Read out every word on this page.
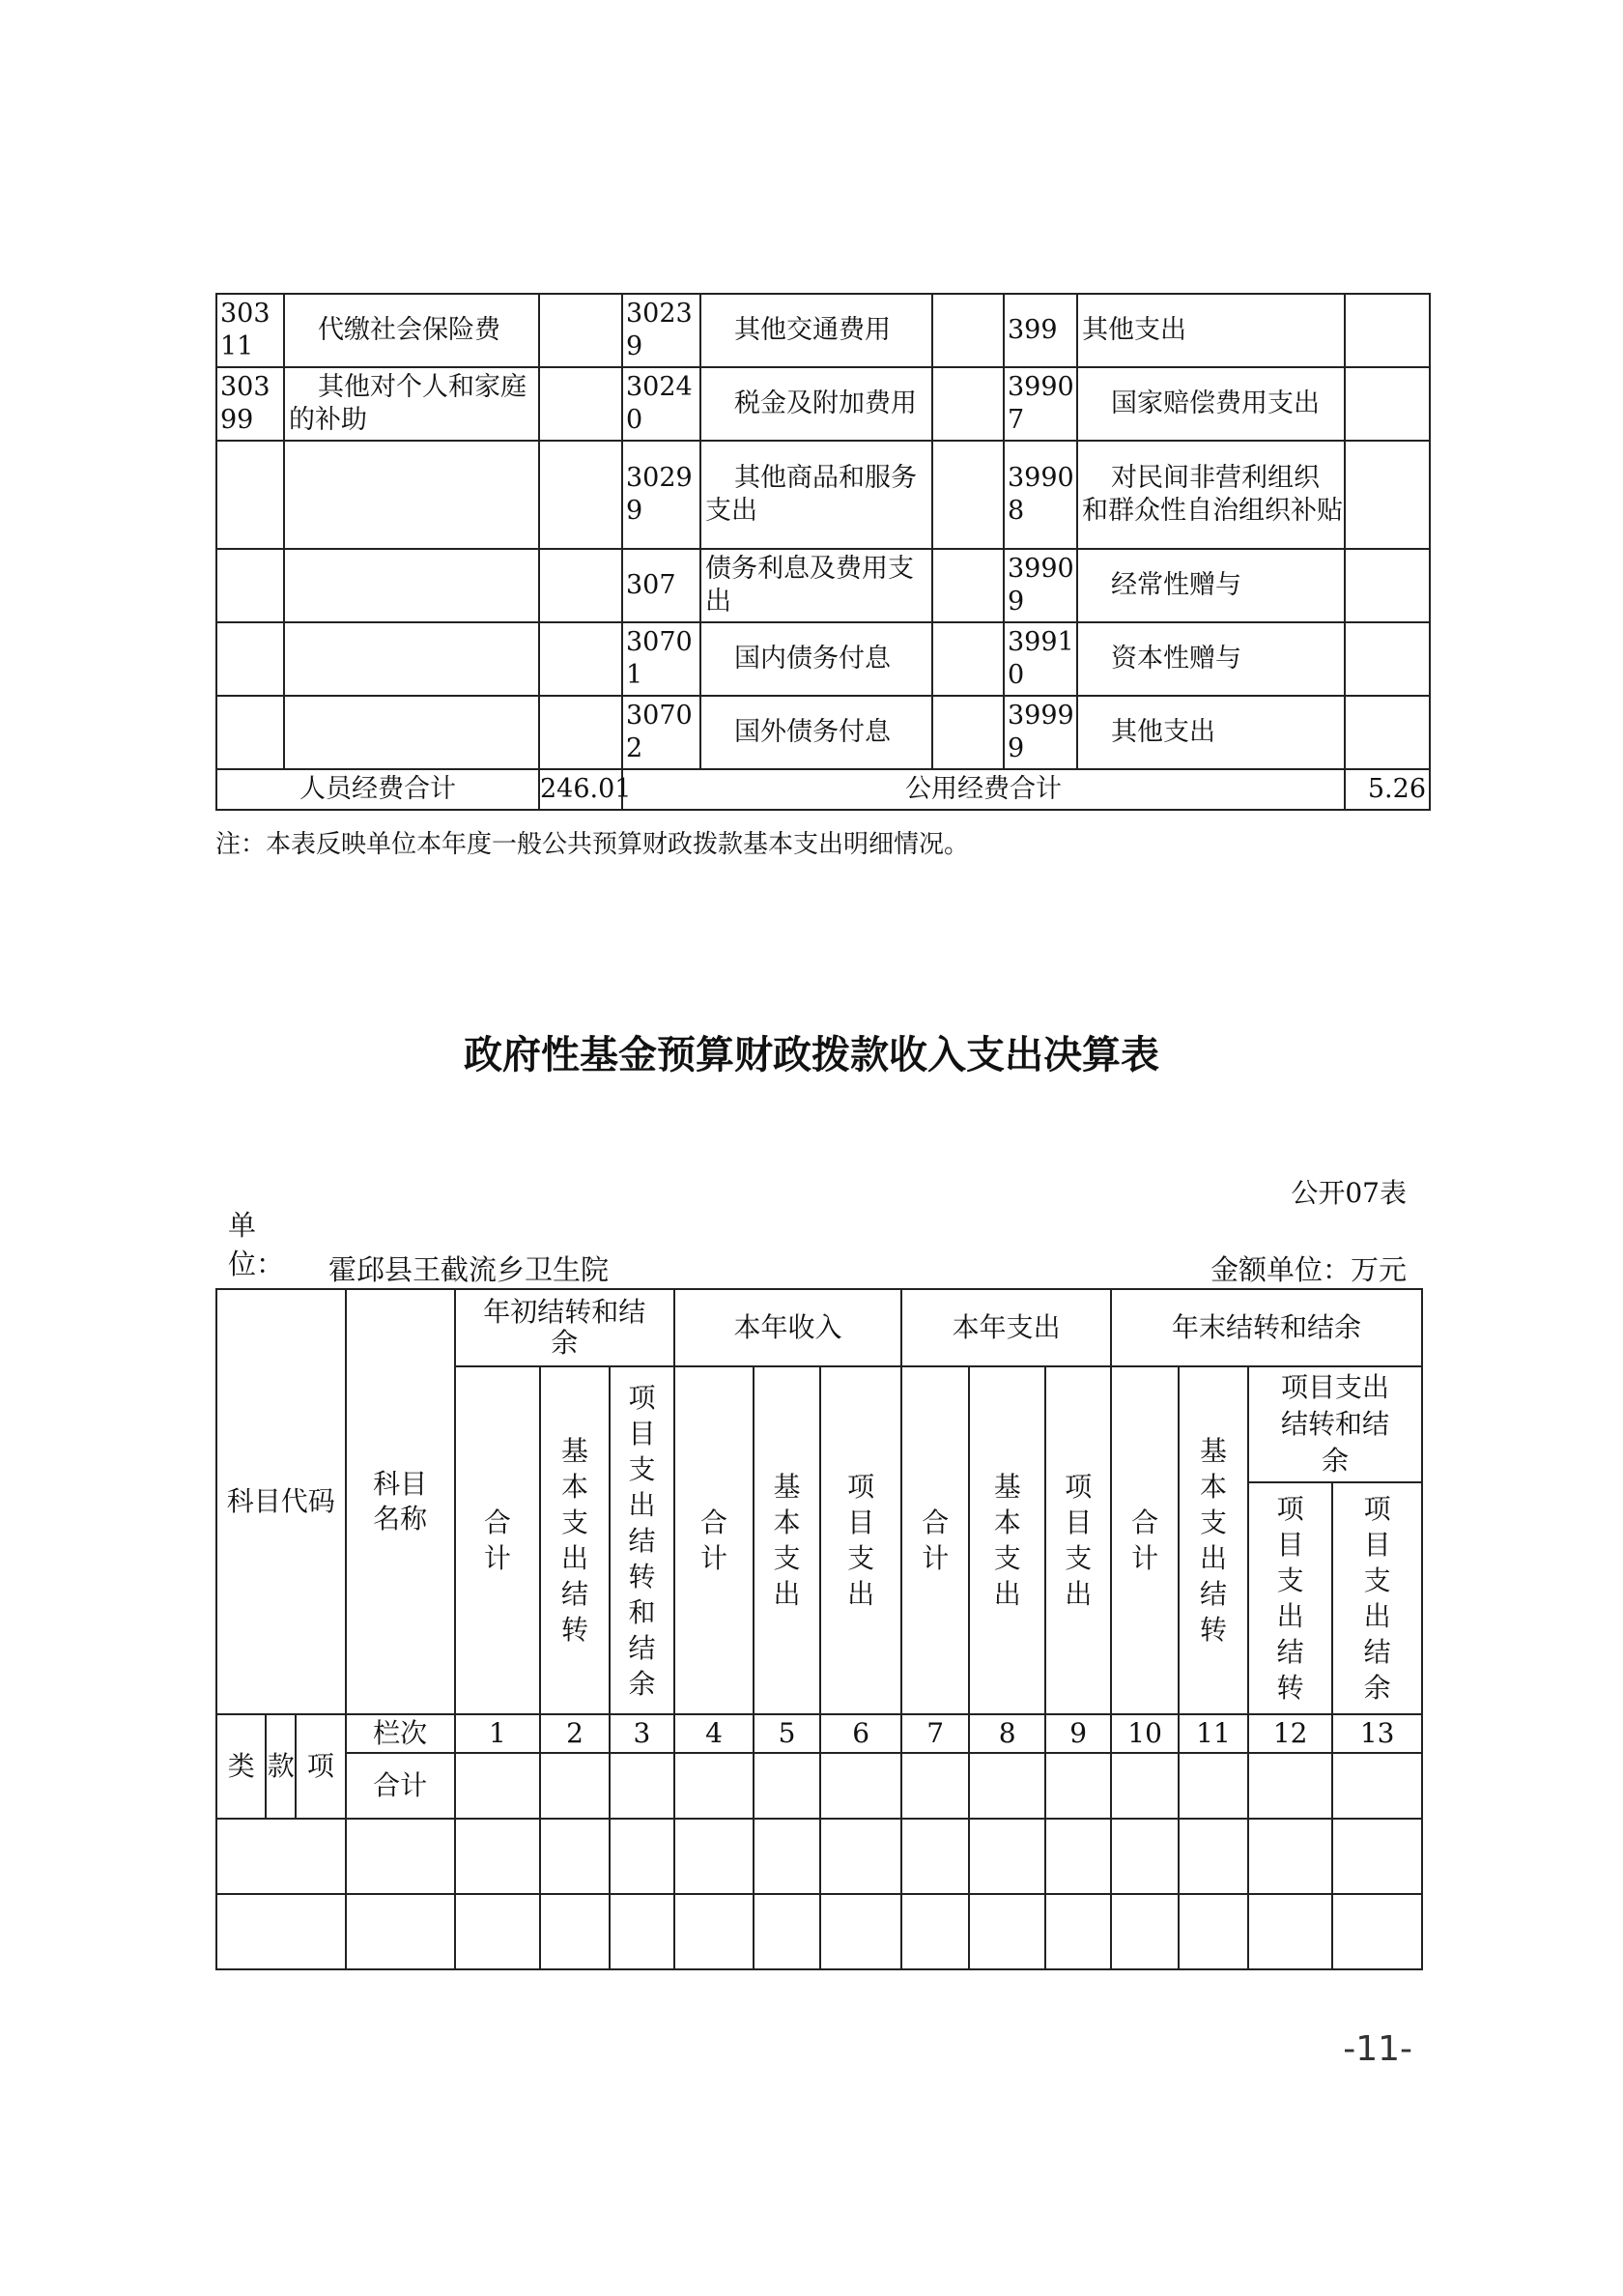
30311	代缴社会保险费		30239	其他交通费用		399	其他支出	
30399	其他对个人和家庭的补助		30240	税金及附加费用		39907	国家赔偿费用支出	
			30299	其他商品和服务支出		39908	对民间非营利组织和群众性自治组织补贴	
			307	债务利息及费用支出		39909	经常性赠与	
			30701	国内债务付息		39910	资本性赠与	
			30702	国外债务付息		39999	其他支出	
人员经费合计		246.01	公用经费合计					5.26
注：本表反映单位本年度一般公共预算财政拨款基本支出明细情况。
政府性基金预算财政拨款收入支出决算表
公开07表
单位： 霍邱县王截流乡卫生院	金额单位：万元
科目代码			科目名称	年初结转和结余			本年收入			本年支出			年末结转和结余			
				合计	基本支出结转	项目支出结转和结余	合计	基本支出	项目支出	合计	基本支出	项目支出	合计	基本支出结转	项目支出结转和结余	
															项目支出结转	项目支出结余
类	款	项	栏次	1	2	3	4	5	6	7	8	9	10	11	12	13
			合计													

-11-
